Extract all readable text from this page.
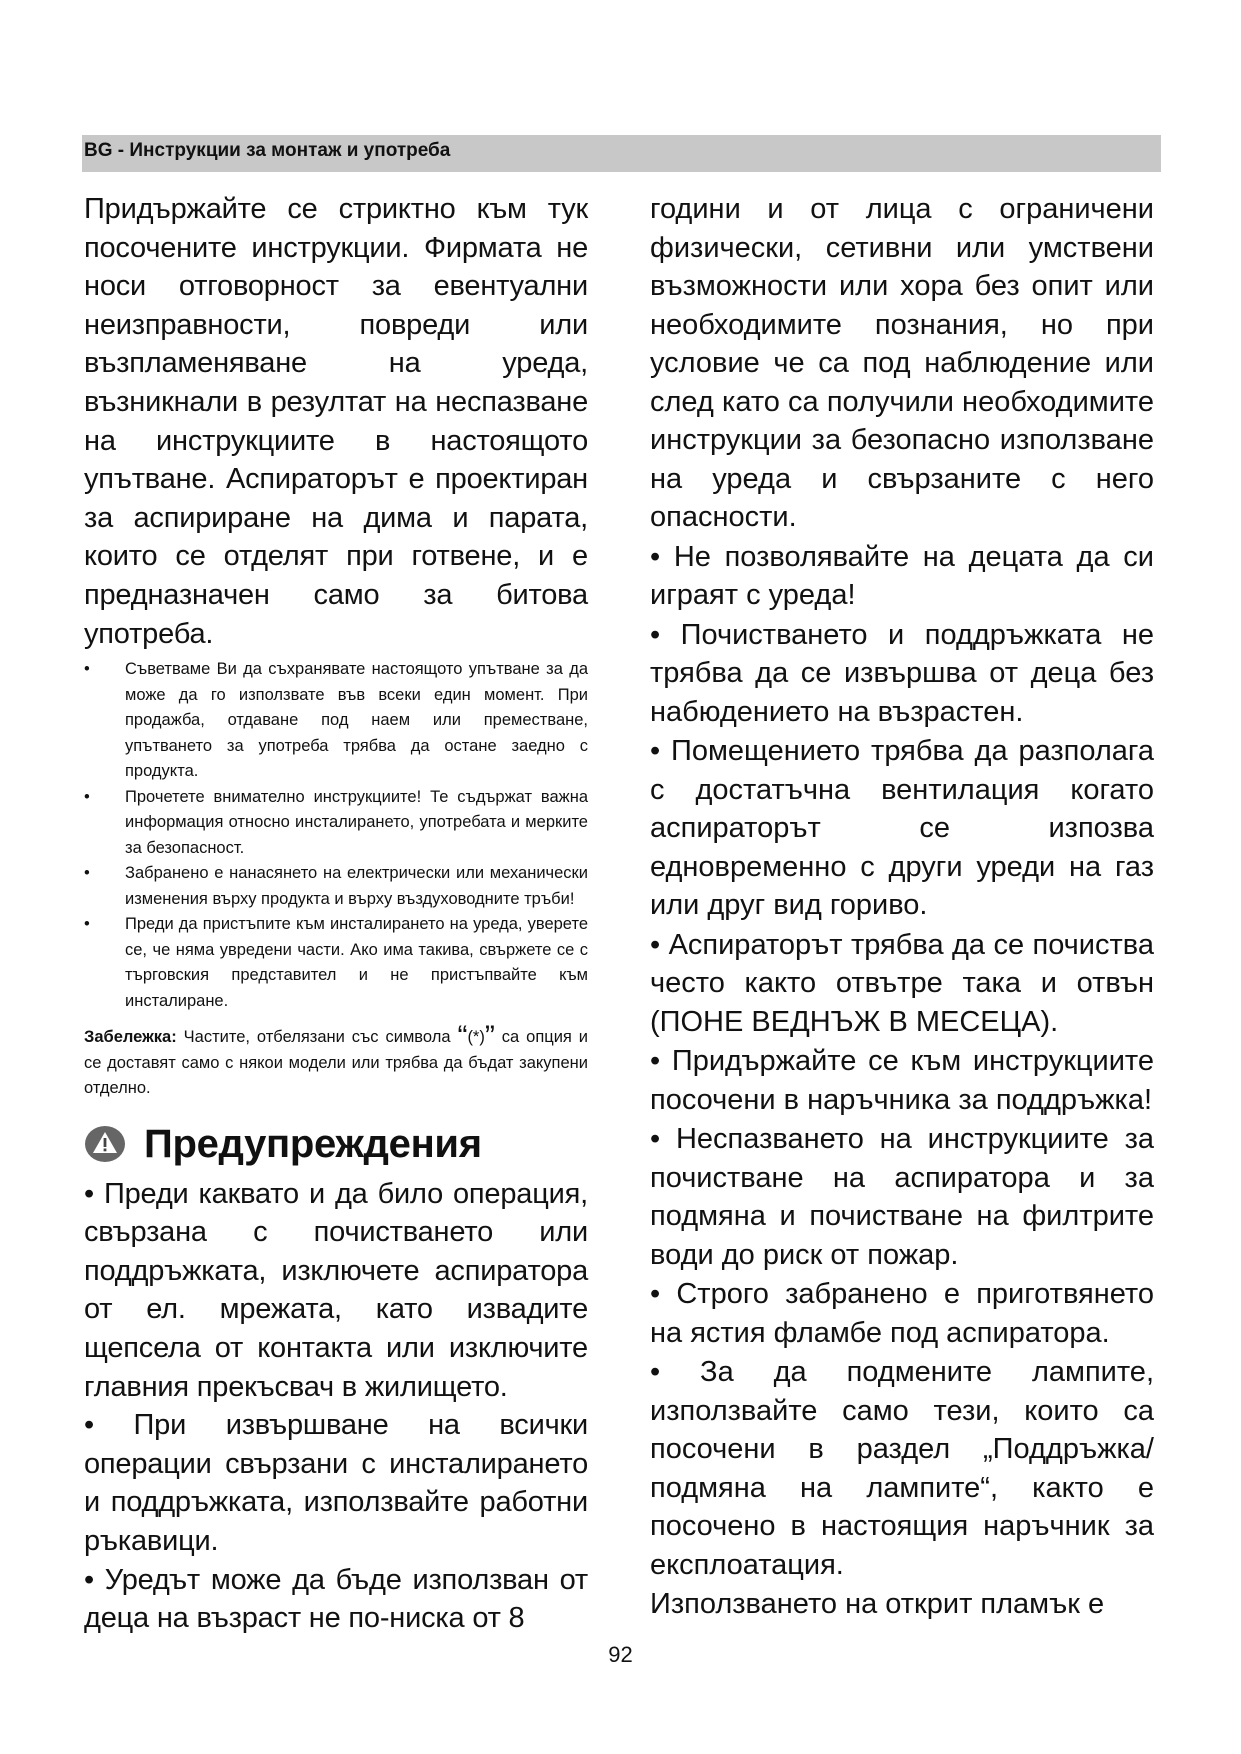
BG - Инструкции за монтаж и употреба

Придържайте се стриктно към тук посочените инструкции. Фирмата не носи отговорност за евентуални неизправности, повреди или възпламеняване на уреда, възникнали в резултат на неспазване на инструкциите в настоящото упътване. Аспираторът е проектиран за аспириране на дима и парата, които се отделят при готвене, и е предназначен само за битова употреба.

• Съветваме Ви да съхранявате настоящото упътване за да може да го използвате във всеки един момент. При продажба, отдаване под наем или преместване, упътването за употреба трябва да остане заедно с продукта.
• Прочетете внимателно инструкциите! Те съдържат важна информация относно инсталирането, употребата и мерките за безопасност.
• Забранено е нанасянето на електрически или механически изменения върху продукта и върху въздуховодните тръби!
• Преди да пристъпите към инсталирането на уреда, уверете се, че няма увредени части. Ако има такива, свържете се с търговския представител и не пристъпвайте към инсталиране.

Забележка: Частите, отбелязани със символа “(*)” са опция и се доставят само с някои модели или трябва да бъдат закупени отделно.

Предупреждения

• Преди каквато и да било операция, свързана с почистването или поддръжката, изключете аспиратора от ел. мрежата, като извадите щепсела от контакта или изключите главния прекъсвач в жилището.

• При извършване на всички операции свързани с инсталирането и поддръжката, използвайте работни ръкавици.

• Уредът може да бъде използван от деца на възраст не по-ниска от 8

години и от лица с ограничени физически, сетивни или умствени възможности или хора без опит или необходимите познания, но при условие че са под наблюдение или след като са получили необходимите инструкции за безопасно използване на уреда и свързаните с него опасности.

• Не позволявайте на децата да си играят с уреда!

• Почистването и поддръжката не трябва да се извършва от деца без набюдението на възрастен.

• Помещението трябва да разполага с достатъчна вентилация когато аспираторът се изпозва едновременно с други уреди на газ или друг вид гориво.

• Аспираторът трябва да се почиства често както отвътре така и отвън (ПОНЕ ВЕДНЪЖ В МЕСЕЦА).

• Придържайте се към инструкциите посочени в наръчника за поддръжка!

• Неспазването на инструкциите за почистване на аспиратора и за подмяна и почистване на филтрите води до риск от пожар.

• Строго забранено е приготвянето на ястия фламбе под аспиратора.

• За да подмените лампите, използвайте само тези, които са посочени в раздел „Поддръжка/подмяна на лампите“, както е посочено в настоящия наръчник за експлоатация.

Използването на открит пламък е

92
